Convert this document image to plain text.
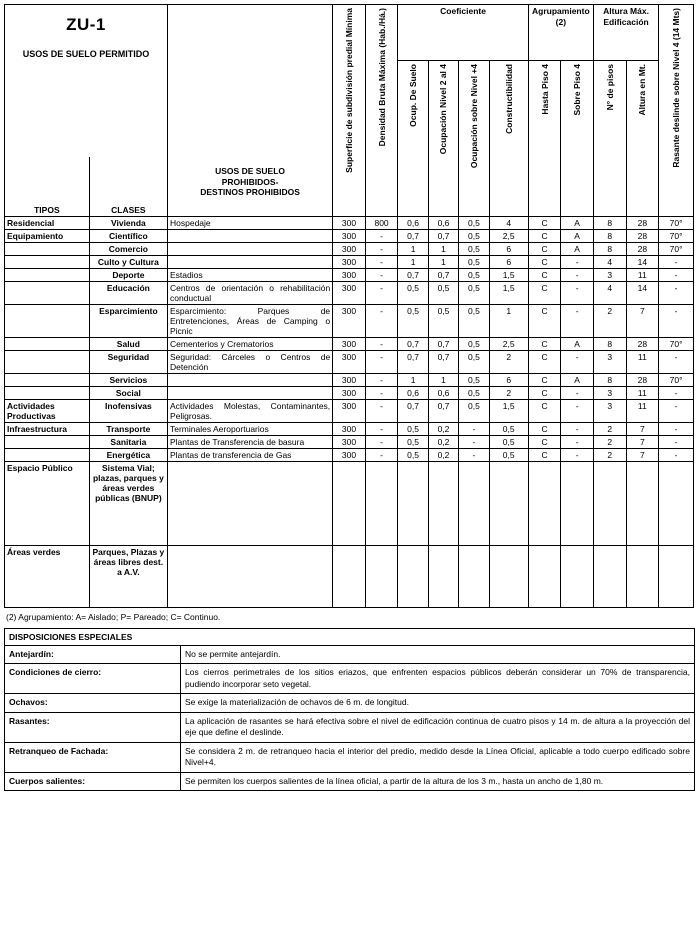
ZU-1
USOS DE SUELO PERMITIDO
	USOS DE SUELO
PROHIBIDOS-
DESTINOS PROHIBIDOS	
Superficie de subdivisión predial Mínima	Densidad Bruta Máxima (Hab./Há.)	Coeficiente	Agrupamiento (2)	Altura Máx. Edificación	Rasante deslinde sobre Nivel 4 (14 Mts)

					Ocup. De Suelo	Ocupación Nivel 2 al 4	Ocupación sobre Nivel +4	Constructibilidad	Hasta Piso 4	Sobre Piso 4	N° de pisos	Altura en Mt.	

TIPOS	CLASES												
Residencial	Vivienda	Hospedaje	300	800	0,6	0,6	0,5	4	C	A	8	28	70°
Equipamiento	Científico		300	-	0,7	0,7	0,5	2,5	C	A	8	28	70°
	Comercio		300	-	1	1	0,5	6	C	A	8	28	70°
	Culto y Cultura		300	-	1	1	0,5	6	C	-	4	14	-
	Deporte	Estadios	300	-	0,7	0,7	0,5	1,5	C	-	3	11	-
	Educación	Centros de orientación o rehabilitación conductual	300	-	0,5	0,5	0,5	1,5	C	-	4	14	-
	Esparcimiento	Esparcimiento: Parques de Entretenciones, Áreas de Camping o Picnic	300	-	0,5	0,5	0,5	1	C	-	2	7	-
	Salud	Cementerios y Crematorios	300	-	0,7	0,7	0,5	2,5	C	A	8	28	70°
	Seguridad	Seguridad: Cárceles o Centros de Detención	300	-	0,7	0,7	0,5	2	C	-	3	11	-
	Servicios		300	-	1	1	0,5	6	C	A	8	28	70°
	Social		300	-	0,6	0,6	0,5	2	C	-	3	11	-
Actividades Productivas	Inofensivas	Actividades Molestas, Contaminantes, Peligrosas.	300	-	0,7	0,7	0,5	1,5	C	-	3	11	-
Infraestructura	Transporte	Terminales Aeroportuarios	300	-	0,5	0,2	-	0,5	C	-	2	7	-
	Sanitaria	Plantas de Transferencia de basura	300	-	0,5	0,2	-	0,5	C	-	2	7	-
	Energética	Plantas de transferencia de Gas	300	-	0,5	0,2	-	0,5	C	-	2	7	-
Espacio Público	Sistema Vial; plazas, parques y áreas verdes públicas (BNUP)												
Áreas verdes	Parques, Plazas y áreas libres dest. a A.V.												
(2) Agrupamiento: A= Aislado; P= Pareado; C= Continuo.
DISPOSICIONES ESPECIALES	
Antejardín:	No se permite antejardín.
Condiciones de cierro:	Los cierros perimetrales de los sitios eriazos, que enfrenten espacios públicos deberán considerar un 70% de transparencia, pudiendo incorporar seto vegetal.
Ochavos:	Se exige la materialización de ochavos de 6 m. de longitud.
Rasantes:	La aplicación de rasantes se hará efectiva sobre el nivel de edificación continua de cuatro pisos y 14 m. de altura a la proyección del eje que define el deslinde.
Retranqueo de Fachada:	Se considera 2 m. de retranqueo hacia el interior del predio, medido desde la Línea Oficial, aplicable a todo cuerpo edificado sobre Nivel+4.
Cuerpos salientes:	Se permiten los cuerpos salientes de la línea oficial, a partir de la altura de los 3 m., hasta un ancho de 1,80 m.
